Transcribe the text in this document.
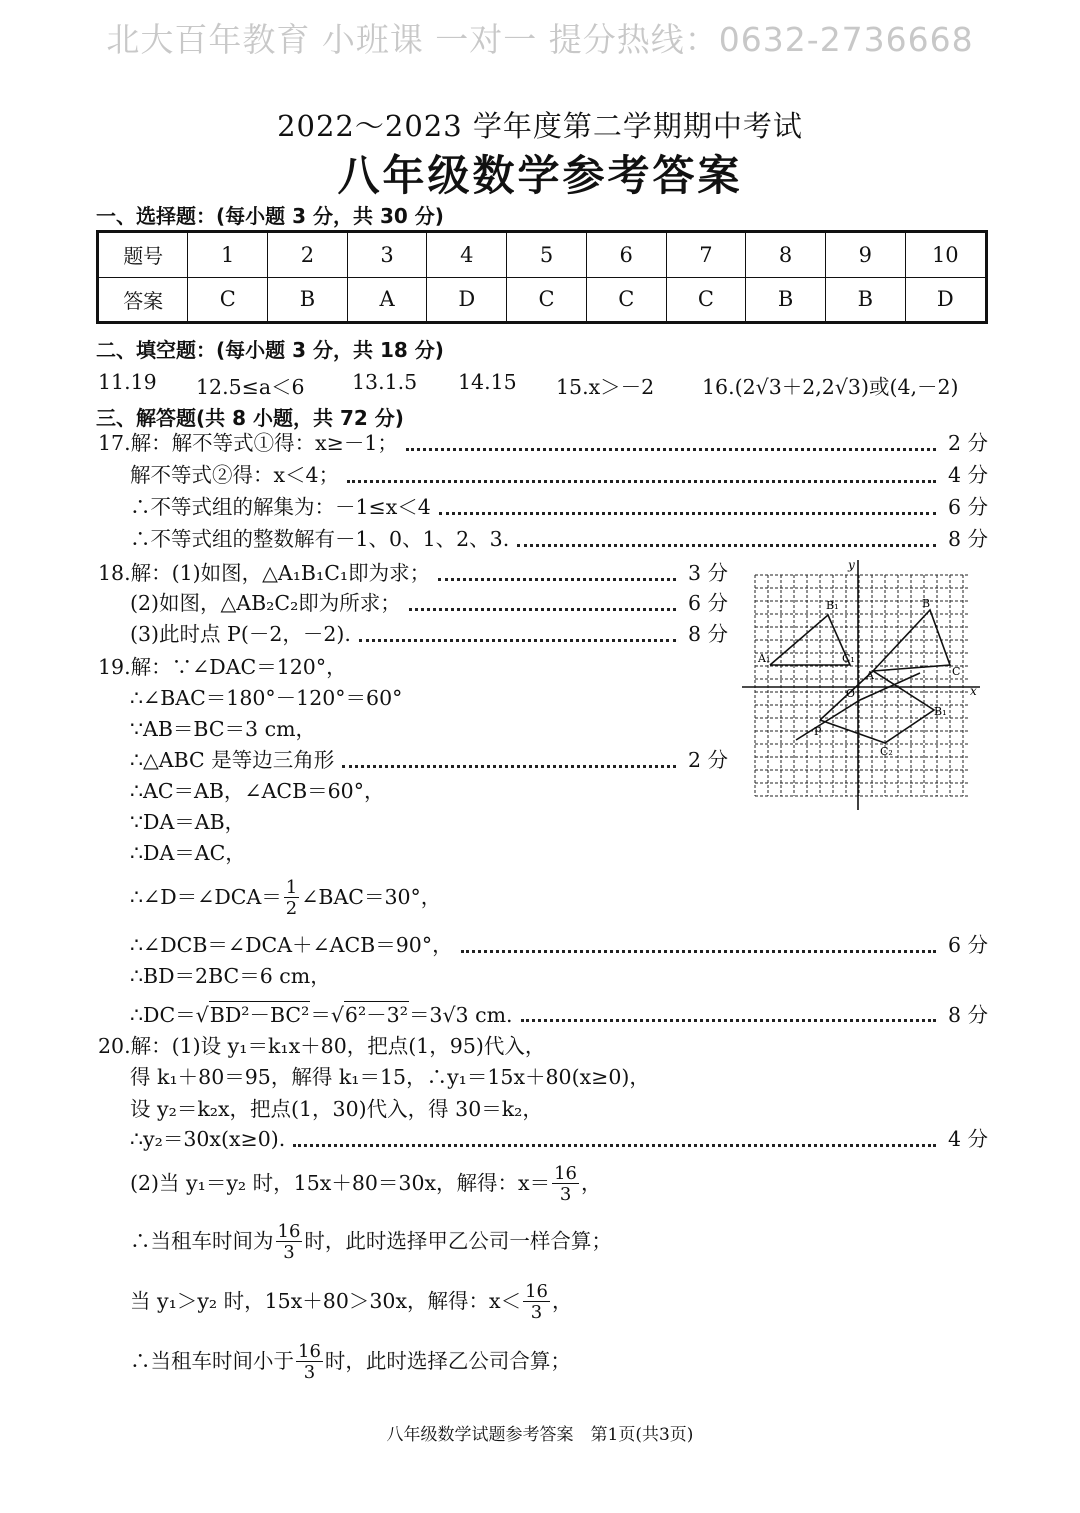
北大百年教育 小班课 一对一 提分热线：0632-2736668
2022～2023 学年度第二学期期中考试
八年级数学参考答案
一、选择题：(每小题 3 分，共 30 分)
题号	1	2	3	4	5	6	7	8	9	10
答案	C	B	A	D	C	C	C	B	B	D
二、填空题：(每小题 3 分，共 18 分)
11.19 12.5≤a＜6 13.1.5 14.15 15.x＞－2 16.(2√3＋2,2√3)或(4,－2)
三、解答题(共 8 小题，共 72 分)
17.解：解不等式①得：x≥－1；	2 分
解不等式②得：x＜4；	4 分
∴不等式组的解集为：－1≤x＜4	6 分
∴不等式组的整数解有－1、0、1、2、3.	8 分
18.解：(1)如图，△A₁B₁C₁即为求；	3 分
(2)如图，△AB₂C₂即为所求；	6 分
(3)此时点 P(－2，－2).	8 分
x
y
A₁
B₁
C₁
B
C
A
O
B₁
P
C₂
19.解：∵∠DAC＝120°，
∴∠BAC＝180°－120°＝60°
∵AB＝BC＝3 cm，
∴△ABC 是等边三角形	2 分
∴AC＝AB，∠ACB＝60°，
∵DA＝AB，
∴DA＝AC，
∴∠D＝∠DCA＝ $\frac{1}{2}$ ∠BAC＝30°，
∴∠DCB＝∠DCA＋∠ACB＝90°，	6 分
∴BD＝2BC＝6 cm，
∴DC＝ √ BD²－BC² ＝ √ 6²－3² ＝3√3 cm.	8 分
20.解：(1)设 y₁＝k₁x＋80，把点(1，95)代入，
得 k₁＋80＝95，解得 k₁＝15，∴y₁＝15x＋80(x≥0)，
设 y₂＝k₂x，把点(1，30)代入，得 30＝k₂，
∴y₂＝30x(x≥0).	4 分
(2)当 y₁＝y₂ 时，15x＋80＝30x，解得：$x= \frac{16}{3}$ ，
∴当租车时间为 $\frac{16}{3}$ 时，此时选择甲乙公司一样合算；
当 y₁＞y₂ 时，15x＋80＞30x，解得：$x< \frac{16}{3}$ ，
∴当租车时间小于 $\frac{16}{3}$ 时，此时选择乙公司合算；
八年级数学试题参考答案　第1页(共3页)
